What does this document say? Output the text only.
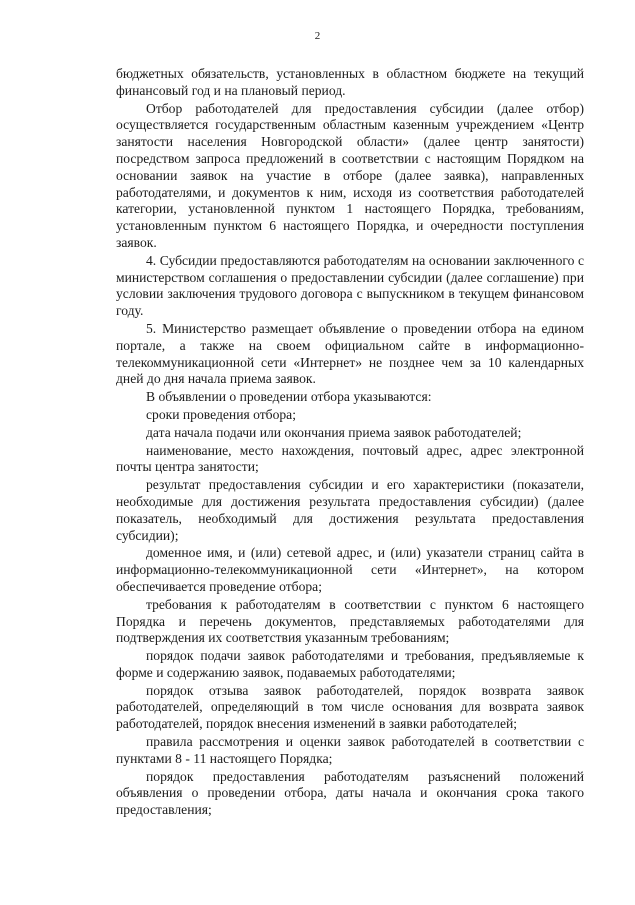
2

бюджетных обязательств, установленных в областном бюджете на текущий финансовый год и на плановый период.

Отбор работодателей для предоставления субсидии (далее отбор) осуществляется государственным областным казенным учреждением «Центр занятости населения Новгородской области» (далее центр занятости) посредством запроса предложений в соответствии с настоящим Порядком на основании заявок на участие в отборе (далее заявка), направленных работодателями, и документов к ним, исходя из соответствия работодателей категории, установленной пунктом 1 настоящего Порядка, требованиям, установленным пунктом 6 настоящего Порядка, и очередности поступления заявок.

4. Субсидии предоставляются работодателям на основании заключенного с министерством соглашения о предоставлении субсидии (далее соглашение) при условии заключения трудового договора с выпускником в текущем финансовом году.

5. Министерство размещает объявление о проведении отбора на едином портале, а также на своем официальном сайте в информационно-телекоммуникационной сети «Интернет» не позднее чем за 10 календарных дней до дня начала приема заявок.

В объявлении о проведении отбора указываются:

сроки проведения отбора;

дата начала подачи или окончания приема заявок работодателей;

наименование, место нахождения, почтовый адрес, адрес электронной почты центра занятости;

результат предоставления субсидии и его характеристики (показатели, необходимые для достижения результата предоставления субсидии) (далее показатель, необходимый для достижения результата предоставления субсидии);

доменное имя, и (или) сетевой адрес, и (или) указатели страниц сайта в информационно-телекоммуникационной сети «Интернет», на котором обеспечивается проведение отбора;

требования к работодателям в соответствии с пунктом 6 настоящего Порядка и перечень документов, представляемых работодателями для подтверждения их соответствия указанным требованиям;

порядок подачи заявок работодателями и требования, предъявляемые к форме и содержанию заявок, подаваемых работодателями;

порядок отзыва заявок работодателей, порядок возврата заявок работодателей, определяющий в том числе основания для возврата заявок работодателей, порядок внесения изменений в заявки работодателей;

правила рассмотрения и оценки заявок работодателей в соответствии с пунктами 8 - 11 настоящего Порядка;

порядок предоставления работодателям разъяснений положений объявления о проведении отбора, даты начала и окончания срока такого предоставления;
